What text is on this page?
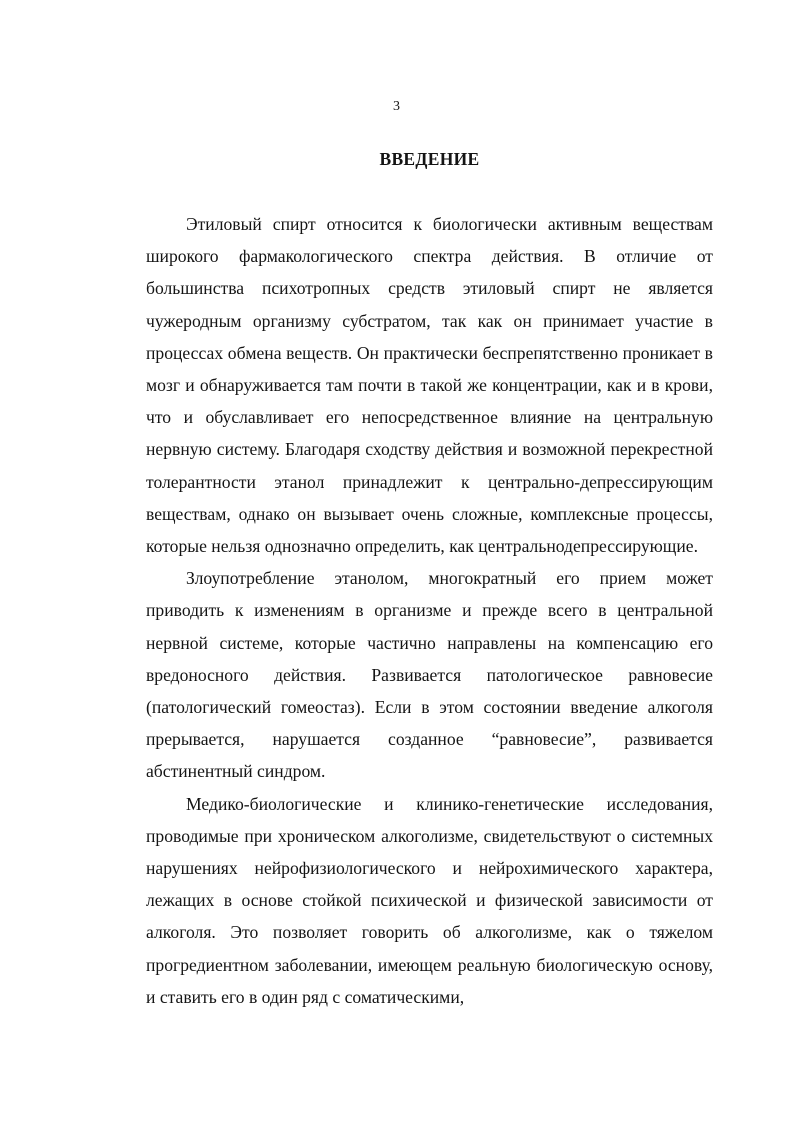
3
ВВЕДЕНИЕ

Этиловый спирт относится к биологически активным веществам широкого фармакологического спектра действия. В отличие от большинства психотропных средств этиловый спирт не является чужеродным организму субстратом, так как он принимает участие в процессах обмена веществ. Он практически беспрепятственно проникает в мозг и обнаруживается там почти в такой же концентрации, как и в крови, что и обуславливает его непосредственное влияние на центральную нервную систему. Благодаря сходству действия и возможной перекрестной толерантности этанол принадлежит к центрально-депрессирующим веществам, однако он вызывает очень сложные, комплексные процессы, которые нельзя однозначно определить, как центральнодепрессирующие.

Злоупотребление этанолом, многократный его прием может приводить к изменениям в организме и прежде всего в центральной нервной системе, которые частично направлены на компенсацию его вредоносного действия. Развивается патологическое равновесие (патологический гомеостаз). Если в этом состоянии введение алкоголя прерывается, нарушается созданное “равновесие”, развивается абстинентный синдром.

Медико-биологические и клинико-генетические исследования, проводимые при хроническом алкоголизме, свидетельствуют о системных нарушениях нейрофизиологического и нейрохимического характера, лежащих в основе стойкой психической и физической зависимости от алкоголя. Это позволяет говорить об алкоголизме, как о тяжелом прогредиентном заболевании, имеющем реальную биологическую основу, и ставить его в один ряд с соматическими,
